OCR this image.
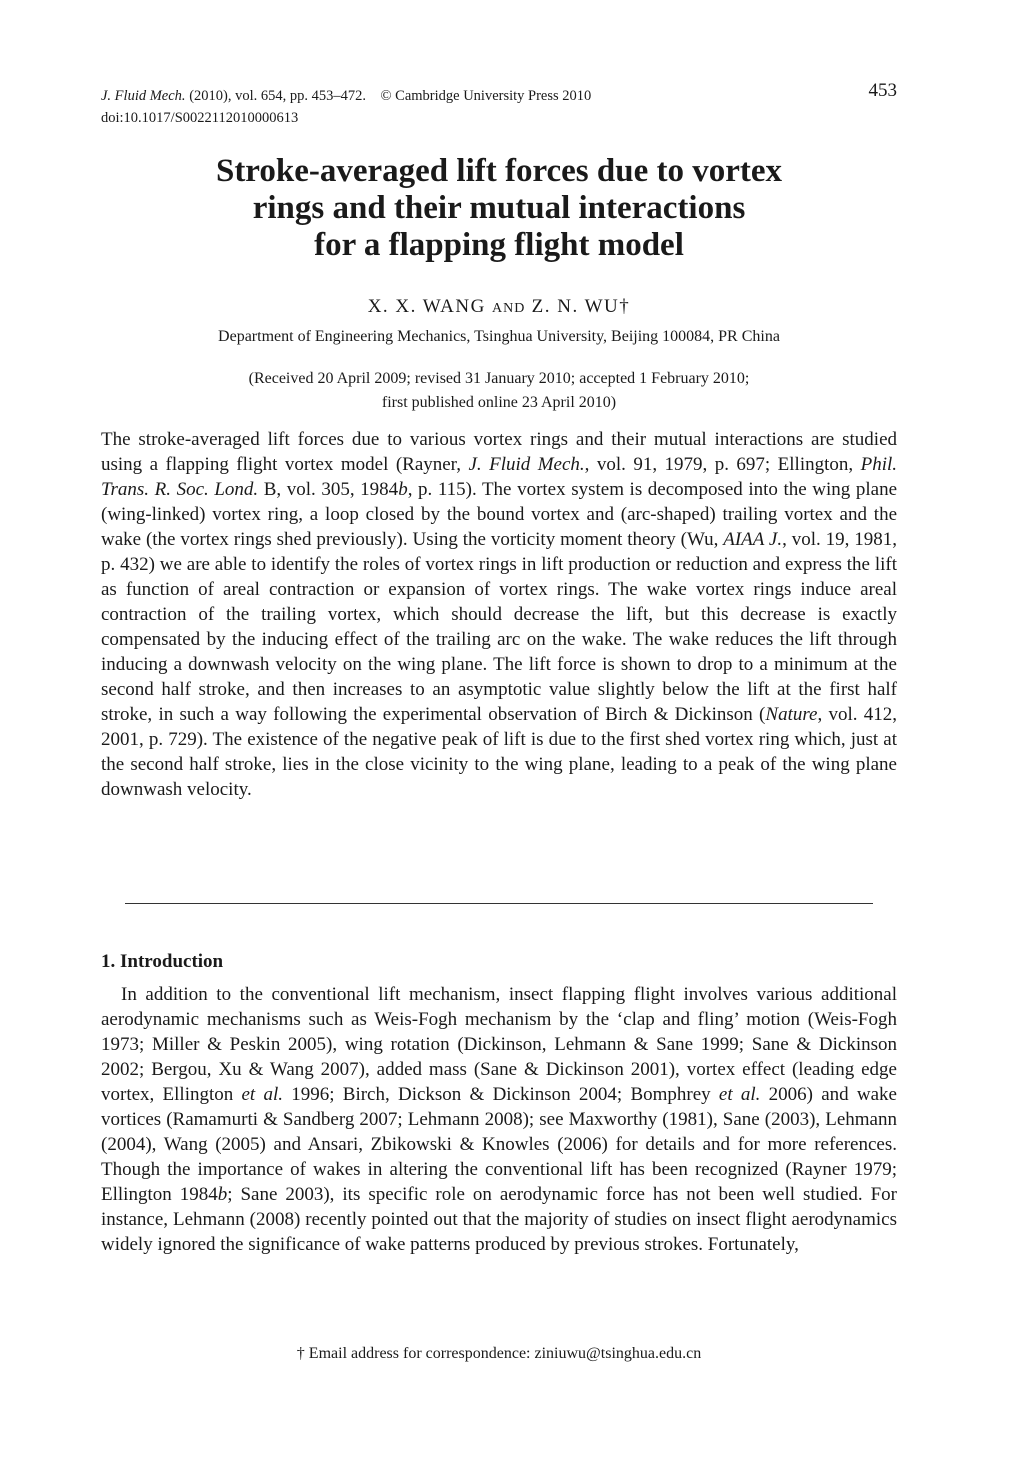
J. Fluid Mech. (2010), vol. 654, pp. 453–472. © Cambridge University Press 2010
doi:10.1017/S0022112010000613
453
Stroke-averaged lift forces due to vortex
rings and their mutual interactions
for a flapping flight model
X. X. WANG AND Z. N. WU†
Department of Engineering Mechanics, Tsinghua University, Beijing 100084, PR China
(Received 20 April 2009; revised 31 January 2010; accepted 1 February 2010;
first published online 23 April 2010)
The stroke-averaged lift forces due to various vortex rings and their mutual interactions are studied using a flapping flight vortex model (Rayner, J. Fluid Mech., vol. 91, 1979, p. 697; Ellington, Phil. Trans. R. Soc. Lond. B, vol. 305, 1984b, p. 115). The vortex system is decomposed into the wing plane (wing-linked) vortex ring, a loop closed by the bound vortex and (arc-shaped) trailing vortex and the wake (the vortex rings shed previously). Using the vorticity moment theory (Wu, AIAA J., vol. 19, 1981, p. 432) we are able to identify the roles of vortex rings in lift production or reduction and express the lift as function of areal contraction or expansion of vortex rings. The wake vortex rings induce areal contraction of the trailing vortex, which should decrease the lift, but this decrease is exactly compensated by the inducing effect of the trailing arc on the wake. The wake reduces the lift through inducing a downwash velocity on the wing plane. The lift force is shown to drop to a minimum at the second half stroke, and then increases to an asymptotic value slightly below the lift at the first half stroke, in such a way following the experimental observation of Birch & Dickinson (Nature, vol. 412, 2001, p. 729). The existence of the negative peak of lift is due to the first shed vortex ring which, just at the second half stroke, lies in the close vicinity to the wing plane, leading to a peak of the wing plane downwash velocity.
1. Introduction
In addition to the conventional lift mechanism, insect flapping flight involves various additional aerodynamic mechanisms such as Weis-Fogh mechanism by the ‘clap and fling’ motion (Weis-Fogh 1973; Miller & Peskin 2005), wing rotation (Dickinson, Lehmann & Sane 1999; Sane & Dickinson 2002; Bergou, Xu & Wang 2007), added mass (Sane & Dickinson 2001), vortex effect (leading edge vortex, Ellington et al. 1996; Birch, Dickson & Dickinson 2004; Bomphrey et al. 2006) and wake vortices (Ramamurti & Sandberg 2007; Lehmann 2008); see Maxworthy (1981), Sane (2003), Lehmann (2004), Wang (2005) and Ansari, Zbikowski & Knowles (2006) for details and for more references. Though the importance of wakes in altering the conventional lift has been recognized (Rayner 1979; Ellington 1984b; Sane 2003), its specific role on aerodynamic force has not been well studied. For instance, Lehmann (2008) recently pointed out that the majority of studies on insect flight aerodynamics widely ignored the significance of wake patterns produced by previous strokes. Fortunately,
† Email address for correspondence: ziniuwu@tsinghua.edu.cn
